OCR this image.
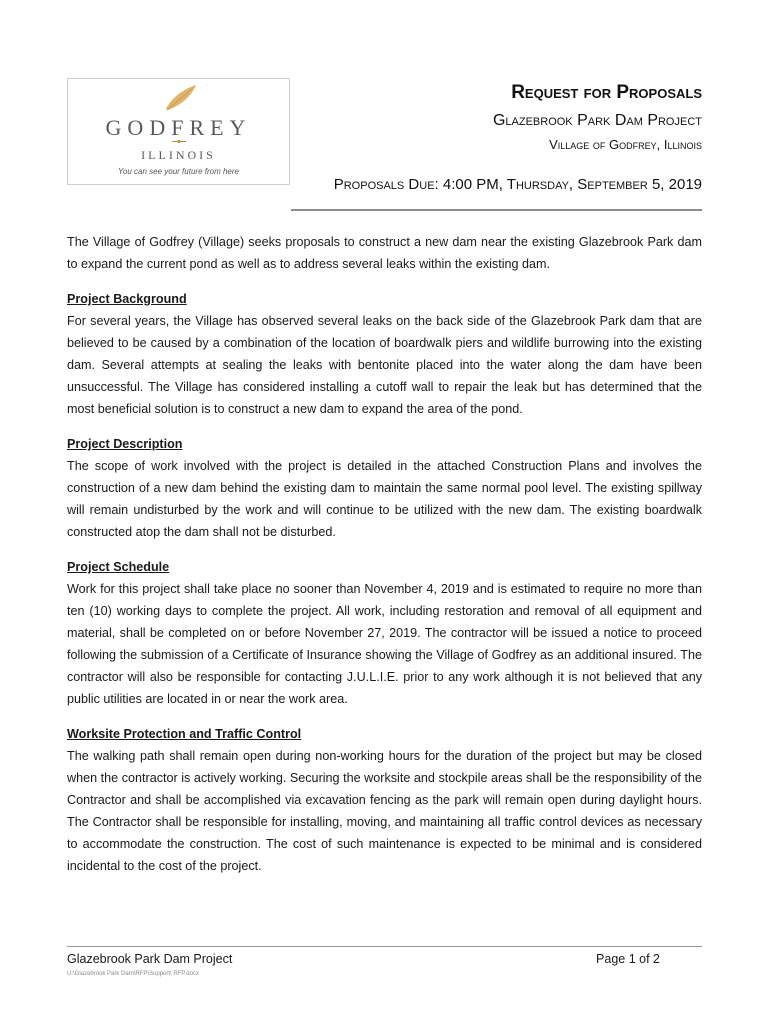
GODFREY
ILLINOIS
You can see your future from here
Request for Proposals
Glazebrook Park Dam Project
Village of Godfrey, Illinois
Proposals Due: 4:00 PM, Thursday, September 5, 2019

The Village of Godfrey (Village) seeks proposals to construct a new dam near the existing Glazebrook Park dam to expand the current pond as well as to address several leaks within the existing dam.

Project Background

For several years, the Village has observed several leaks on the back side of the Glazebrook Park dam that are believed to be caused by a combination of the location of boardwalk piers and wildlife burrowing into the existing dam. Several attempts at sealing the leaks with bentonite placed into the water along the dam have been unsuccessful. The Village has considered installing a cutoff wall to repair the leak but has determined that the most beneficial solution is to construct a new dam to expand the area of the pond.

Project Description

The scope of work involved with the project is detailed in the attached Construction Plans and involves the construction of a new dam behind the existing dam to maintain the same normal pool level. The existing spillway will remain undisturbed by the work and will continue to be utilized with the new dam. The existing boardwalk constructed atop the dam shall not be disturbed.

Project Schedule

Work for this project shall take place no sooner than November 4, 2019 and is estimated to require no more than ten (10) working days to complete the project. All work, including restoration and removal of all equipment and material, shall be completed on or before November 27, 2019. The contractor will be issued a notice to proceed following the submission of a Certificate of Insurance showing the Village of Godfrey as an additional insured. The contractor will also be responsible for contacting J.U.L.I.E. prior to any work although it is not believed that any public utilities are located in or near the work area.

Worksite Protection and Traffic Control

The walking path shall remain open during non-working hours for the duration of the project but may be closed when the contractor is actively working. Securing the worksite and stockpile areas shall be the responsibility of the Contractor and shall be accomplished via excavation fencing as the park will remain open during daylight hours. The Contractor shall be responsible for installing, moving, and maintaining all traffic control devices as necessary to accommodate the construction. The cost of such maintenance is expected to be minimal and is considered incidental to the cost of the project.

Glazebrook Park Dam Project	Page 1 of 2
U:\Glazebrook Park Dam\RFP\Support\ RFP.docx
